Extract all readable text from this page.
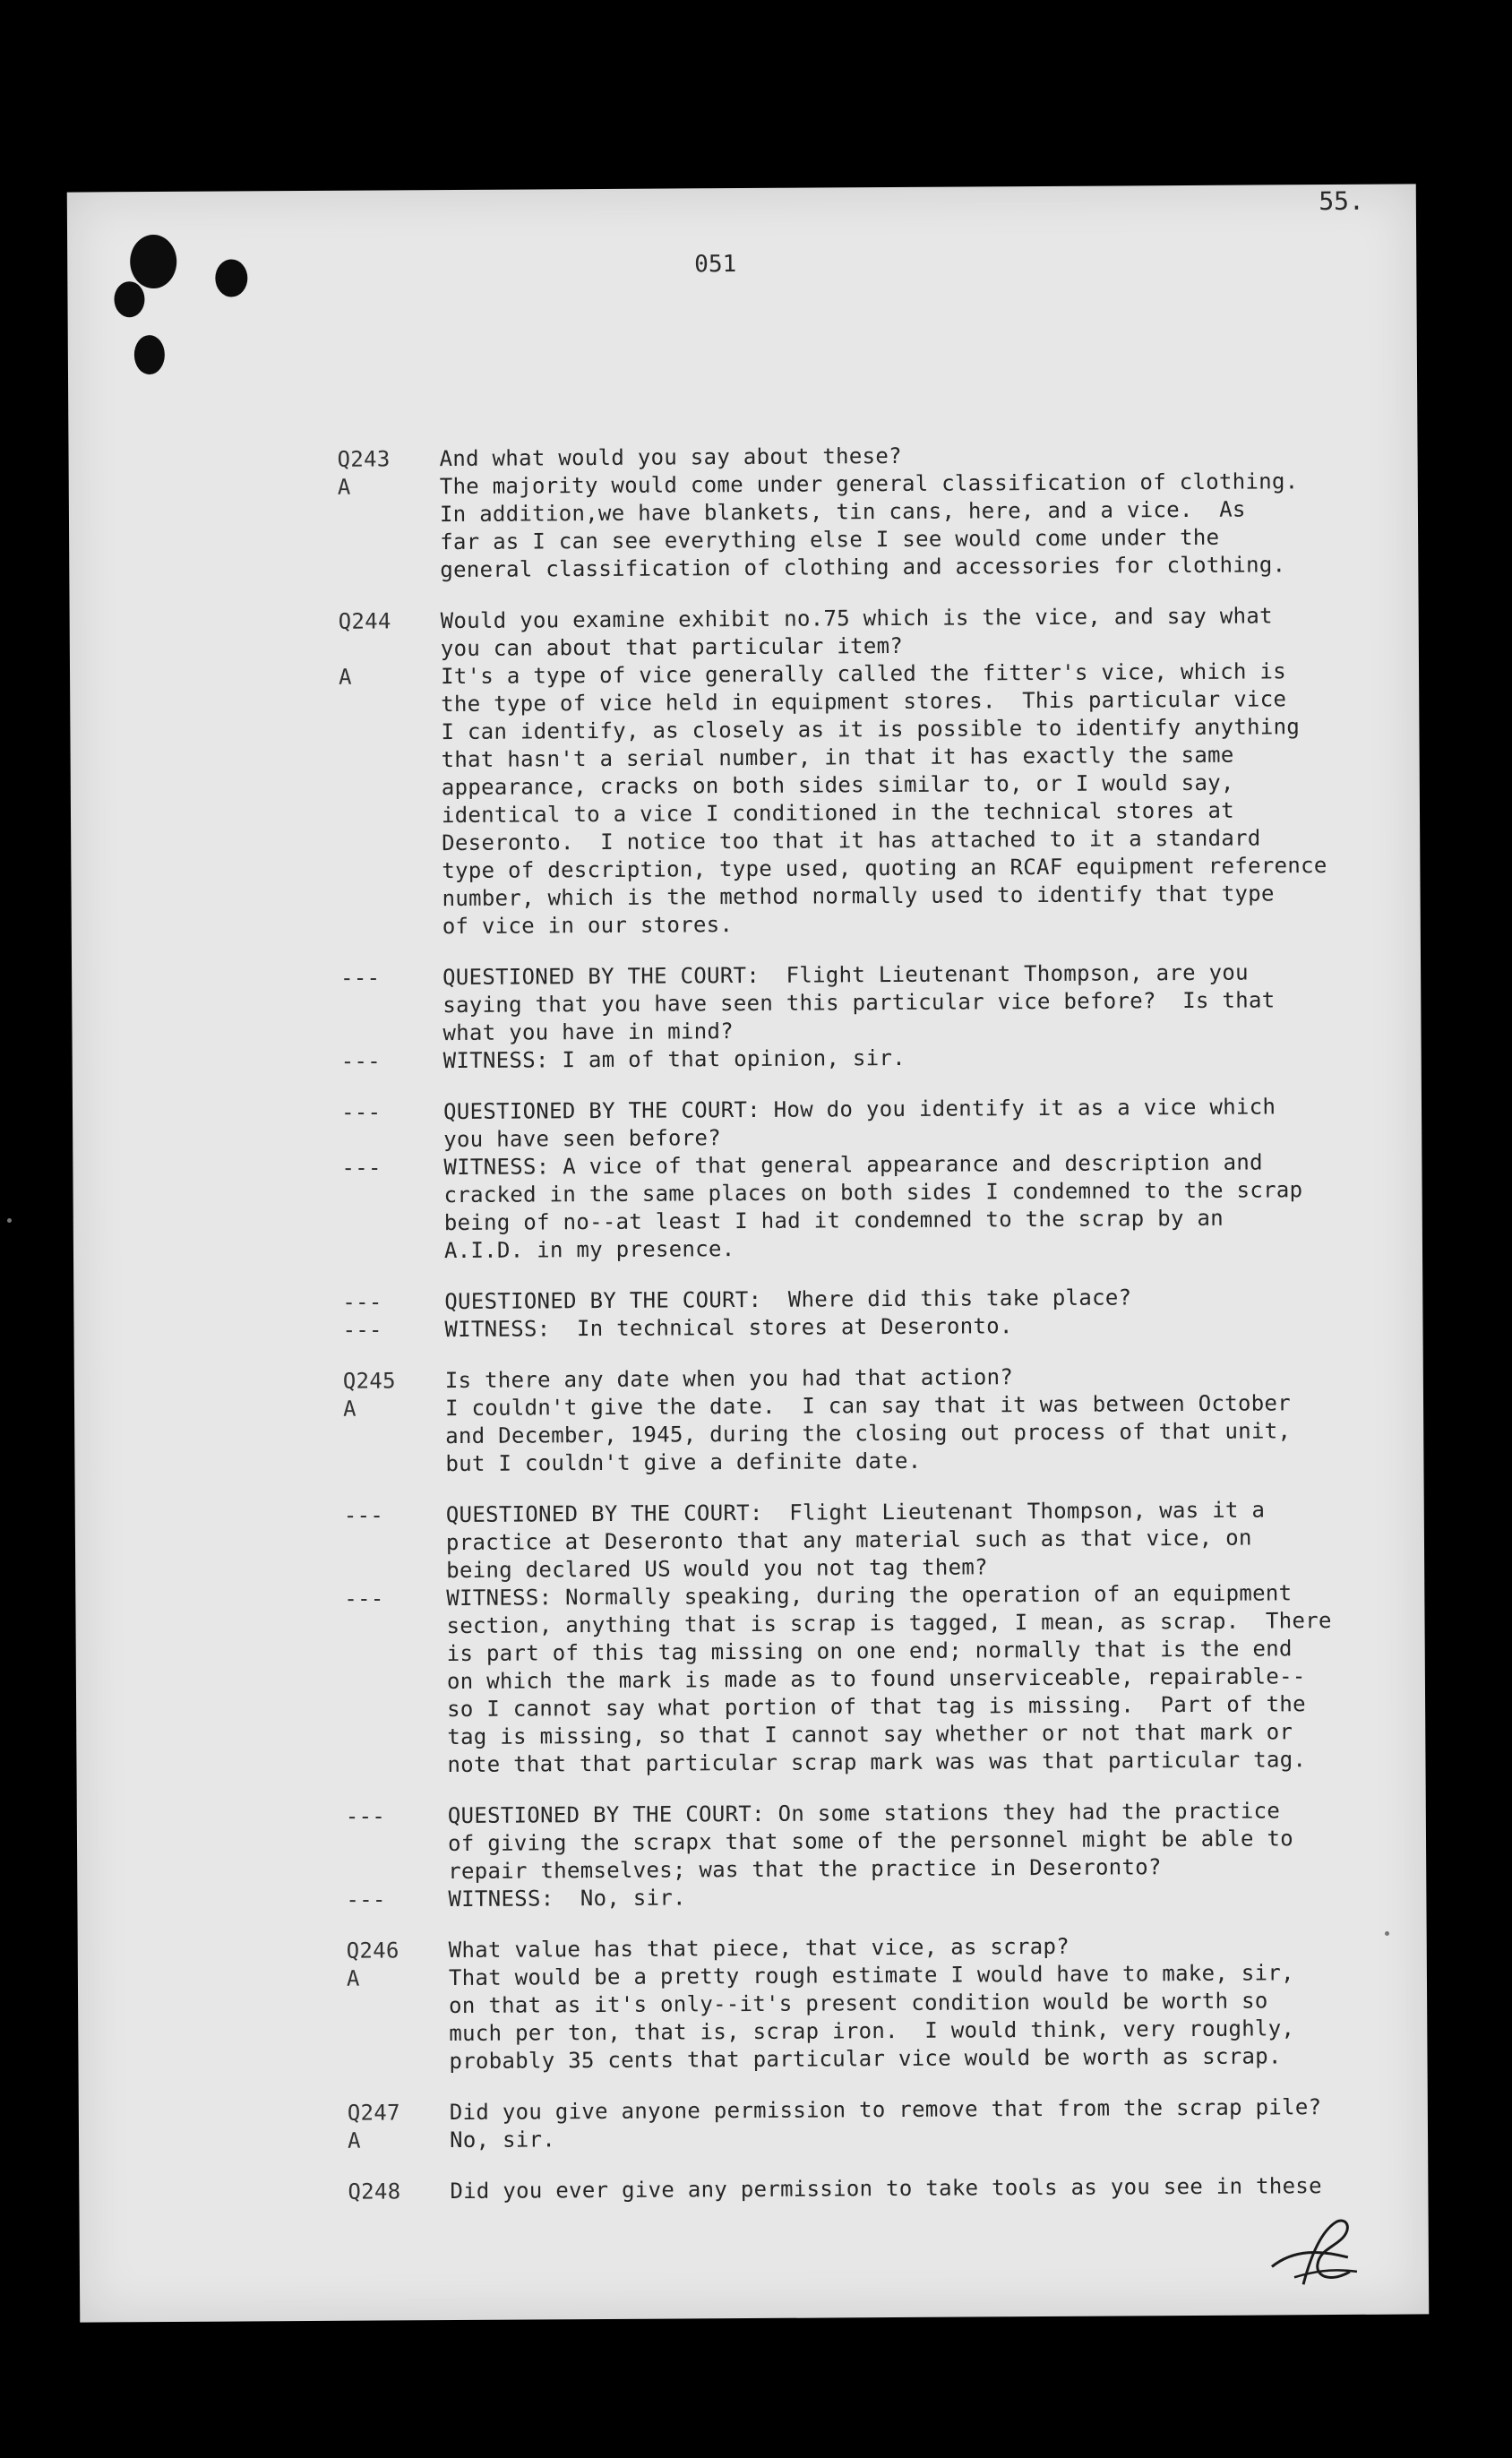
55.
051
Q243	And what would you say about these?
A	The majority would come under general classification of clothing.
In addition,we have blankets, tin cans, here, and a vice.  As
far as I can see everything else I see would come under the
general classification of clothing and accessories for clothing.
Q244	Would you examine exhibit no.75 which is the vice, and say what
you can about that particular item?
A	It's a type of vice generally called the fitter's vice, which is
the type of vice held in equipment stores.  This particular vice
I can identify, as closely as it is possible to identify anything
that hasn't a serial number, in that it has exactly the same
appearance, cracks on both sides similar to, or I would say,
identical to a vice I conditioned in the technical stores at
Deseronto.  I notice too that it has attached to it a standard
type of description, type used, quoting an RCAF equipment reference
number, which is the method normally used to identify that type
of vice in our stores.
---	QUESTIONED BY THE COURT:  Flight Lieutenant Thompson, are you
saying that you have seen this particular vice before?  Is that
what you have in mind?
---	WITNESS: I am of that opinion, sir.
---	QUESTIONED BY THE COURT: How do you identify it as a vice which
you have seen before?
---	WITNESS: A vice of that general appearance and description and
cracked in the same places on both sides I condemned to the scrap
being of no--at least I had it condemned to the scrap by an
A.I.D. in my presence.
---	QUESTIONED BY THE COURT:  Where did this take place?
---	WITNESS:  In technical stores at Deseronto.
Q245	Is there any date when you had that action?
A	I couldn't give the date.  I can say that it was between October
and December, 1945, during the closing out process of that unit,
but I couldn't give a definite date.
---	QUESTIONED BY THE COURT:  Flight Lieutenant Thompson, was it a
practice at Deseronto that any material such as that vice, on
being declared US would you not tag them?
---	WITNESS: Normally speaking, during the operation of an equipment
section, anything that is scrap is tagged, I mean, as scrap.  There
is part of this tag missing on one end; normally that is the end
on which the mark is made as to found unserviceable, repairable--
so I cannot say what portion of that tag is missing.  Part of the
tag is missing, so that I cannot say whether or not that mark or
note that that particular scrap mark was was that particular tag.
---	QUESTIONED BY THE COURT: On some stations they had the practice
of giving the scrapx that some of the personnel might be able to
repair themselves; was that the practice in Deseronto?
---	WITNESS:  No, sir.
Q246	What value has that piece, that vice, as scrap?
A	That would be a pretty rough estimate I would have to make, sir,
on that as it's only--it's present condition would be worth so
much per ton, that is, scrap iron.  I would think, very roughly,
probably 35 cents that particular vice would be worth as scrap.
Q247	Did you give anyone permission to remove that from the scrap pile?
A	No, sir.
Q248	Did you ever give any permission to take tools as you see in these
